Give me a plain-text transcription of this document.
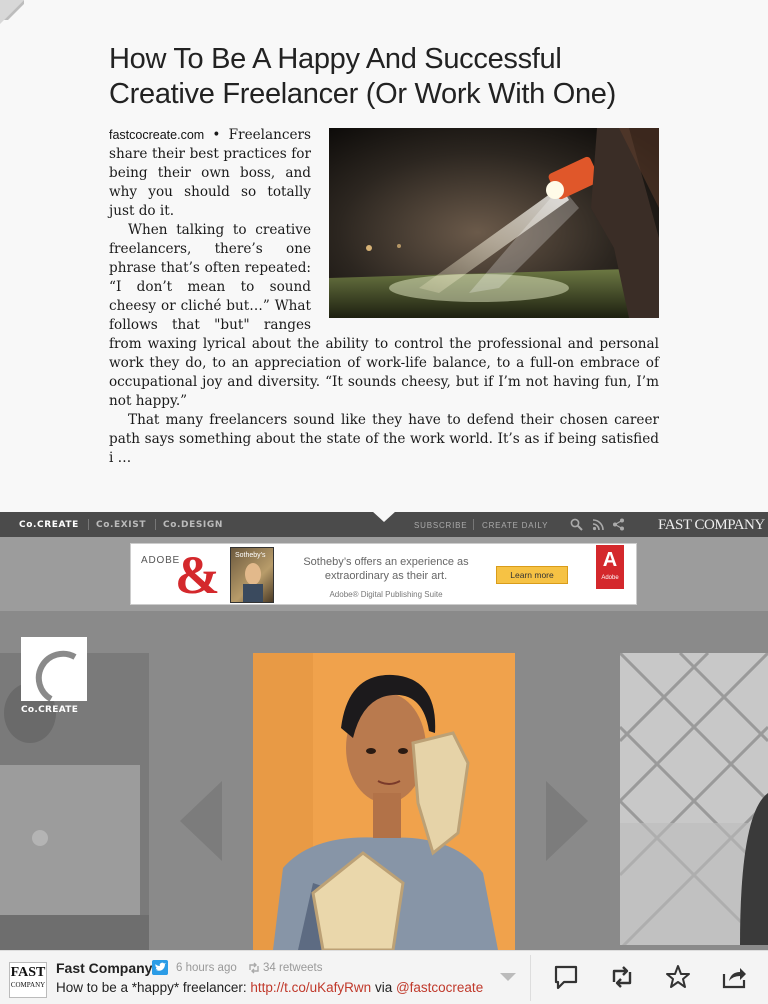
How To Be A Happy And Successful Creative Freelancer (Or Work With One)

fastcocreate.com • Freelancers share their best practices for being their own boss, and why you should so totally just do it.

When talking to creative freelancers, there’s one phrase that’s often repeated: “I don’t mean to sound cheesy or cliché but…” What follows that "but" ranges from waxing lyrical about the ability to control the professional and personal work they do, to an appreciation of work-life balance, to a full-on embrace of occupational joy and diversity. “It sounds cheesy, but if I’m not having fun, I’m not happy.”

That many freelancers sound like they have to defend their chosen career path says something about the state of the work world. It’s as if being satisfied i …

Co.CREATE Co.EXIST Co.DESIGN	SUBSCRIBE CREATE DAILY	FAST COMPANY
ADOBE
& Sotheby's
Sotheby’s offers an experience as extraordinary as their art.
Adobe® Digital Publishing Suite
Learn more
A
Adobe
Co.CREATE
FAST
COMPANY
Fast Company 6 hours ago 34 retweets
How to be a *happy* freelancer: http://t.co/uKafyRwn via @fastcocreate
